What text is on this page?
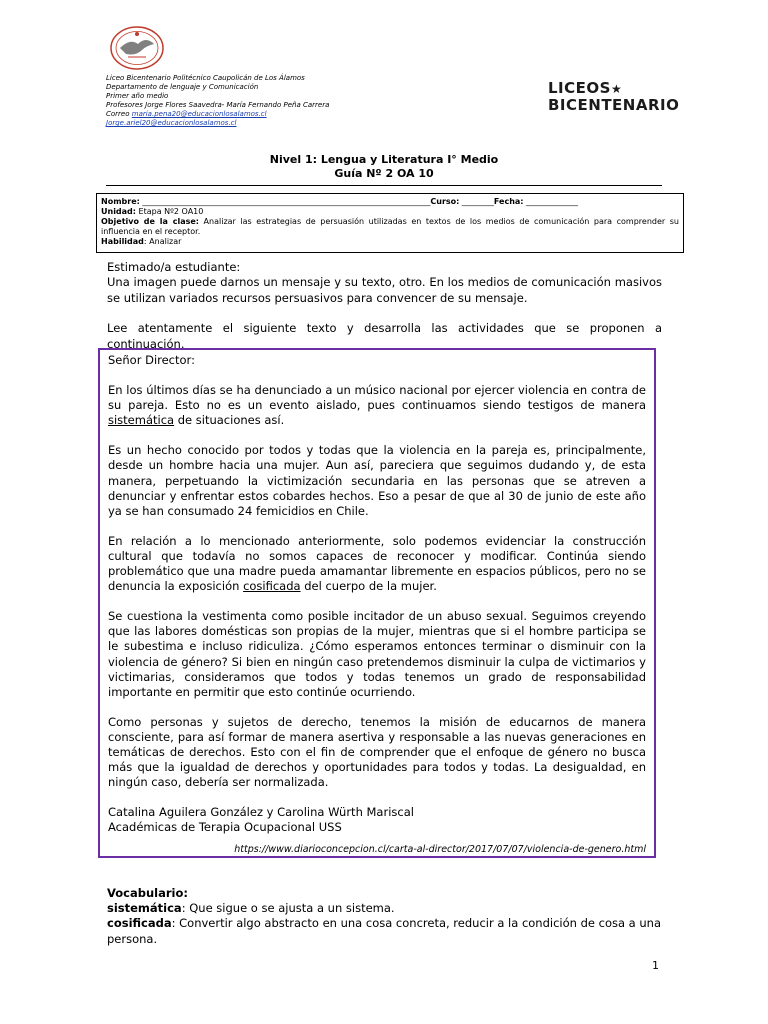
Liceo Bicentenario Politécnico Caupolicán de Los Álamos
Departamento de lenguaje y Comunicación
Primer año medio
Profesores Jorge Flores Saavedra- María Fernando Peña Carrera
Correo maria.pena20@educacionlosalamos.cl
Jorge.ariel20@educacionlosalamos.cl
LICEOS★
BICENTENARIO
Nivel 1: Lengua y Literatura I° Medio
Guía Nº 2 OA 10
Nombre: ________________________________________________________________________Curso: ________Fecha: _____________
Unidad: Etapa Nº2 OA10
Objetivo de la clase: Analizar las estrategias de persuasión utilizadas en textos de los medios de comunicación para comprender su influencia en el receptor.
Habilidad: Analizar
Estimado/a estudiante:

Una imagen puede darnos un mensaje y su texto, otro. En los medios de comunicación masivos se utilizan variados recursos persuasivos para convencer de su mensaje.

Lee atentamente el siguiente texto y desarrolla las actividades que se proponen a continuación.

Señor Director:

En los últimos días se ha denunciado a un músico nacional por ejercer violencia en contra de su pareja. Esto no es un evento aislado, pues continuamos siendo testigos de manera sistemática de situaciones así.

Es un hecho conocido por todos y todas que la violencia en la pareja es, principalmente, desde un hombre hacia una mujer. Aun así, pareciera que seguimos dudando y, de esta manera, perpetuando la victimización secundaria en las personas que se atreven a denunciar y enfrentar estos cobardes hechos. Eso a pesar de que al 30 de junio de este año ya se han consumado 24 femicidios en Chile.

En relación a lo mencionado anteriormente, solo podemos evidenciar la construcción cultural que todavía no somos capaces de reconocer y modificar. Continúa siendo problemático que una madre pueda amamantar libremente en espacios públicos, pero no se denuncia la exposición cosificada del cuerpo de la mujer.

Se cuestiona la vestimenta como posible incitador de un abuso sexual. Seguimos creyendo que las labores domésticas son propias de la mujer, mientras que si el hombre participa se le subestima e incluso ridiculiza. ¿Cómo esperamos entonces terminar o disminuir con la violencia de género? Si bien en ningún caso pretendemos disminuir la culpa de victimarios y victimarias, consideramos que todos y todas tenemos un grado de responsabilidad importante en permitir que esto continúe ocurriendo.

Como personas y sujetos de derecho, tenemos la misión de educarnos de manera consciente, para así formar de manera asertiva y responsable a las nuevas generaciones en temáticas de derechos. Esto con el fin de comprender que el enfoque de género no busca más que la igualdad de derechos y oportunidades para todos y todas. La desigualdad, en ningún caso, debería ser normalizada.

Catalina Aguilera González y Carolina Würth Mariscal
Académicas de Terapia Ocupacional USS
https://www.diarioconcepcion.cl/carta-al-director/2017/07/07/violencia-de-genero.html
Vocabulario:
sistemática: Que sigue o se ajusta a un sistema.
cosificada: Convertir algo abstracto en una cosa concreta, reducir a la condición de cosa a una persona.
1
